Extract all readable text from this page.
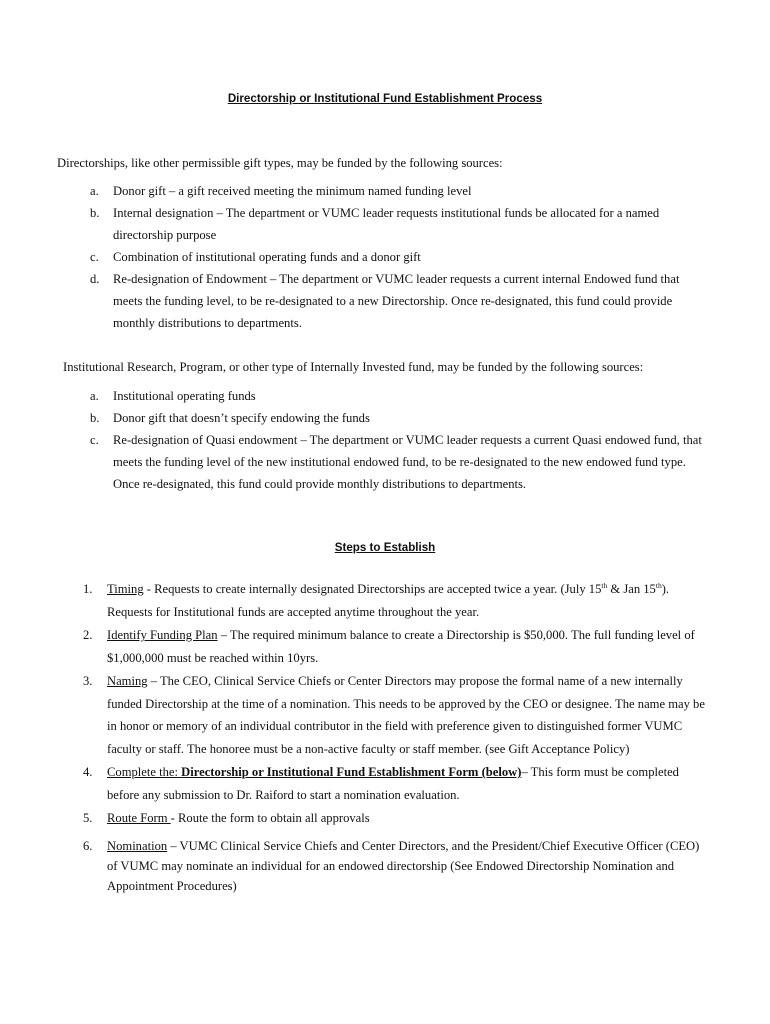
Directorship or Institutional Fund Establishment Process

Directorships, like other permissible gift types, may be funded by the following sources:

a. Donor gift – a gift received meeting the minimum named funding level
b. Internal designation – The department or VUMC leader requests institutional funds be allocated for a named directorship purpose
c. Combination of institutional operating funds and a donor gift
d. Re-designation of Endowment – The department or VUMC leader requests a current internal Endowed fund that meets the funding level, to be re-designated to a new Directorship. Once re-designated, this fund could provide monthly distributions to departments.

Institutional Research, Program, or other type of Internally Invested fund, may be funded by the following sources:

a. Institutional operating funds
b. Donor gift that doesn’t specify endowing the funds
c. Re-designation of Quasi endowment – The department or VUMC leader requests a current Quasi endowed fund, that meets the funding level of the new institutional endowed fund, to be re-designated to the new endowed fund type. Once re-designated, this fund could provide monthly distributions to departments.
Steps to Establish
1. Timing - Requests to create internally designated Directorships are accepted twice a year. (July 15th & Jan 15th). Requests for Institutional funds are accepted anytime throughout the year.
2. Identify Funding Plan – The required minimum balance to create a Directorship is $50,000. The full funding level of $1,000,000 must be reached within 10yrs.
3. Naming – The CEO, Clinical Service Chiefs or Center Directors may propose the formal name of a new internally funded Directorship at the time of a nomination. This needs to be approved by the CEO or designee. The name may be in honor or memory of an individual contributor in the field with preference given to distinguished former VUMC faculty or staff. The honoree must be a non-active faculty or staff member. (see Gift Acceptance Policy)
4. Complete the: Directorship or Institutional Fund Establishment Form (below)– This form must be completed before any submission to Dr. Raiford to start a nomination evaluation.
5. Route Form - Route the form to obtain all approvals
6. Nomination – VUMC Clinical Service Chiefs and Center Directors, and the President/Chief Executive Officer (CEO) of VUMC may nominate an individual for an endowed directorship (See Endowed Directorship Nomination and Appointment Procedures)
